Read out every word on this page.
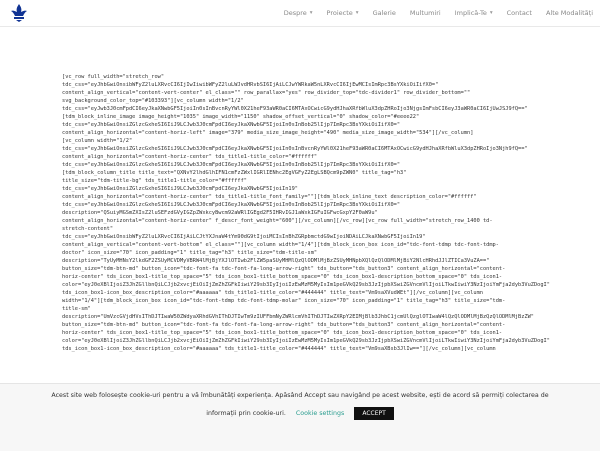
Despre ▾ Proiecte ▾ Galerie Multumiri Implică-Te ▾ Contact Alte Modalități
[vc_row full_width="stretch_row"
tdc_css="eyJhbGwiOnsibWFyZ2luLXRvcCI6IjIwIiwibWFyZ2luLWJvdHRvbSI6IjAiLCJwYWRkaW5nLXRvcCI6IjEwMCIsImRpc3BsYXkiOiIifX0="
content_align_vertical="content-vert-center" el_class="" row_parallax="yes" row_divider_top="tdc-divider1" row_divider_bottom=""
svg_background_color_top="#103393"][vc_column width="1/2"
tdc_css="eyJwb3J0cmFpdCI6eyJkaXNwbGF5IjoiIn0sInBvcnRyYWl0X21heF93aWR0aCI6MTAxOCwicG9ydHJhaXRfbWluX3dpZHRoIjo3NjgsImFsbCI6eyJ3aWR0aCI6IjUwJSJ9fQ=="
[tdm_block_inline_image image_height="1035" image_width="1150" shadow_offset_vertical="0" shadow_color="#eeee22"
tdc_css="eyJhbGwiOnsiZGlzcGxheSI6IiJ9LCJwb3J0cmFpdCI6eyJkaXNwbGF5IjoiIn0sInBob25lIjp7ImRpc3BsYXkiOiIifX0="
content_align_horizontal="content-horiz-left" image="379" media_size_image_height="490" media_size_image_width="534"][/vc_column]
[vc_column width="1/2"
tdc_css="eyJhbGwiOnsiZGlzcGxheSI6IiJ9LCJwb3J0cmFpdCI6eyJkaXNwbGF5IjoiIn0sInBvcnRyYWl0X21heF93aWR0aCI6MTAxOCwicG9ydHJhaXRfbWluX3dpZHRoIjo3Njh9fQ=="
content_align_horizontal="content-horiz-center" tds_title1-title_color="#ffffff"
tdc_css="eyJhbGwiOnsiZGlzcGxheSI6IiJ9LCJwb3J0cmFpdCI6eyJkaXNwbGF5IjoiIn0sInBob25lIjp7ImRpc3BsYXkiOiIifX0="
[tdm_block_column_title title_text="QXNvY2lhdGlhIFN1cmFzZWxlIGRlIENhc2EgVGFyZ2EgLSBQcm9pZWN0" title_tag="h3"
title_size="tdm-title-bg" tds_title1-title_color="#ffffff"
tdc_css="eyJhbGwiOnsiZGlzcGxheSI6IiJ9LCJwb3J0cmFpdCI6eyJkaXNwbGF5IjoiIn19"
content_align_horizontal="content-horiz-center" tds_title1-title_font_family=""][tdm_block_inline_text description_color="#ffffff"
tdc_css="eyJhbGwiOnsiZGlzcGxheSI6IiJ9LCJwb3J0cmFpdCI6eyJkaXNwbGF5IjoiIn0sInBob25lIjp7ImRpc3BsYXkiOiIifX0="
description="QSuiyMGSmZXIsZ2luSEFzdGVyIGZpZWxkcyBwcm92aWRlIGEgd2F5IHRvIGJ1aWxkIGFuIGFwcGxpY2F0aW9u"
content_align_horizontal="content-horiz-center" f_descr_font_weight="600"][/vc_column][/vc_row][vc_row full_width="stretch_row_1400 td-
stretch-content"
tdc_css="eyJhbGwiOnsibWFyZ2luLXRvcCI6IjAiLCJtYXJnaW4tYm90dG9tIjoiMCIsInBhZGRpbmctdG9wIjoiNDAiLCJkaXNwbGF5IjoiIn19"
content_align_vertical="content-vert-bottom" el_class=""][vc_column width="1/4"][tdm_block_icon_box icon_id="tdc-font-tdmp tdc-font-tdmp-
doctor" icon_size="70" icon_padding="1" title_tag="h3" title_size="tdm-title-sm"
description="TyUyMHNsY2lkdGF2ZSUyMCVDMyVBRW4lMjBjYXJlOTIwb2FlZW5paSUyMHMlQzQlODMlMjBzZSUyMHNpbXQlQzQlODMlMjBiY2NlcHRhdJJlZTICa3VuZA=="
button_size="tdm-btn-md" button_icon="tdc-font-fa tdc-font-fa-long-arrow-right" tds_button="tds_button3" content_align_horizontal="content-
horiz-center" tds_icon_box1-title_top_space="5" tds_icon_box1-title_bottom_space="0" tds_icon_box1-description_bottom_space="0" tds_icon1-
color="eyJ0eXBlIjoiZ3JhZGllbnQiLCJjb2xvcjEiOiIjZmZhZGFkIiwiY29sb3IyIjoiIzEwMzM5MyIsIm1peGVkQ29sb3JzIjpbXSwiZGVncmVlIjoiLTkwIiwiY3NzIjoiYmFja2dyb3VuZDogI"
tds_icon_box1-icon_box_description_color="#aaaaaa" tds_title1-title_color="#444444" title_text="Vm9saXVudWEt"][/vc_column][vc_column
width="1/4"][tdm_block_icon_box icon_id="tdc-font-tdmp tdc-font-tdmp-molar" icon_size="70" icon_padding="1" title_tag="h3" title_size="tdm-
title-sm"
description="UmVzcGVjdHVsIThDJTIwaW50ZWdyaXRhdGVhIThDJTIwTm9zIUFFbmNyZWRlcmVhIThDJTIwZXRpY2EIMjBlb3JhbC1jcmUlQzglOTIwaW4lQzQlODMlMjBzQzQlODMlMjBzZW"
button_size="tdm-btn-md" button_icon="tdc-font-fa tdc-font-fa-long-arrow-right" tds_button="tds_button3" content_align_horizontal="content-
horiz-center" tds_icon_box1-title_top_space="5" tds_icon_box1-title_bottom_space="0" tds_icon_box1-description_bottom_space="0" tds_icon1-
color="eyJ0eXBlIjoiZ3JhZGllbnQiLCJjb2xvcjEiOiIjZmZhZGFkIiwiY29sb3IyIjoiIzEwMzM5MyIsIm1peGVkQ29sb3JzIjpbXSwiZGVncmVlIjoiLTkwIiwiY3NzIjoiYmFja2dyb3VuZDogI"
tds_icon_box1-icon_box_description_color="#aaaaaa" tds_title1-title_color="#444444" title_text="Vm9saXBsb3JlIw=="][/vc_column][vc_column
Acest site web folosește cookie-uri pentru a vă îmbunătăți experiența. Apăsând Accept sau navigând pe acest website, ești de acord să permiți colectarea de
informații prin cookie-uri. Cookie settings	ACCEPT
